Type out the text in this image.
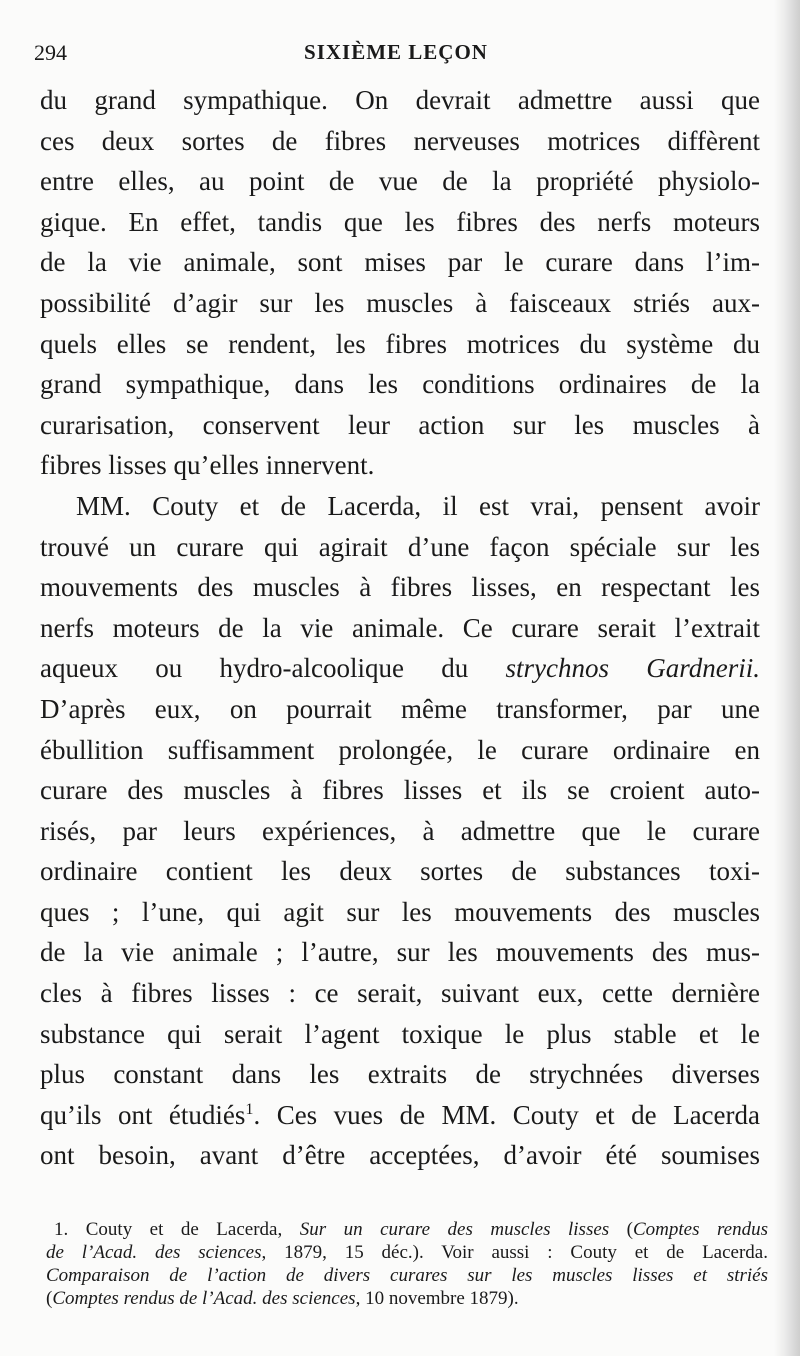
294	SIXIÈME LEÇON
du grand sympathique. On devrait admettre aussi que
ces deux sortes de fibres nerveuses motrices diffèrent
entre elles, au point de vue de la propriété physiolo-
gique. En effet, tandis que les fibres des nerfs moteurs
de la vie animale, sont mises par le curare dans l’im-
possibilité d’agir sur les muscles à faisceaux striés aux-
quels elles se rendent, les fibres motrices du système du
grand sympathique, dans les conditions ordinaires de la
curarisation, conservent leur action sur les muscles à
fibres lisses qu’elles innervent.
MM. Couty et de Lacerda, il est vrai, pensent avoir
trouvé un curare qui agirait d’une façon spéciale sur les
mouvements des muscles à fibres lisses, en respectant les
nerfs moteurs de la vie animale. Ce curare serait l’extrait
aqueux ou hydro-alcoolique du strychnos Gardnerii.
D’après eux, on pourrait même transformer, par une
ébullition suffisamment prolongée, le curare ordinaire en
curare des muscles à fibres lisses et ils se croient auto-
risés, par leurs expériences, à admettre que le curare
ordinaire contient les deux sortes de substances toxi-
ques ; l’une, qui agit sur les mouvements des muscles
de la vie animale ; l’autre, sur les mouvements des mus-
cles à fibres lisses : ce serait, suivant eux, cette dernière
substance qui serait l’agent toxique le plus stable et le
plus constant dans les extraits de strychnées diverses
qu’ils ont étudiés$^1$. Ces vues de MM. Couty et de Lacerda
ont besoin, avant d’être acceptées, d’avoir été soumises
1. Couty et de Lacerda, Sur un curare des muscles lisses (Comptes rendus
de l’Acad. des sciences, 1879, 15 déc.). Voir aussi : Couty et de Lacerda.
Comparaison de l’action de divers curares sur les muscles lisses et striés
(Comptes rendus de l’Acad. des sciences, 10 novembre 1879).
